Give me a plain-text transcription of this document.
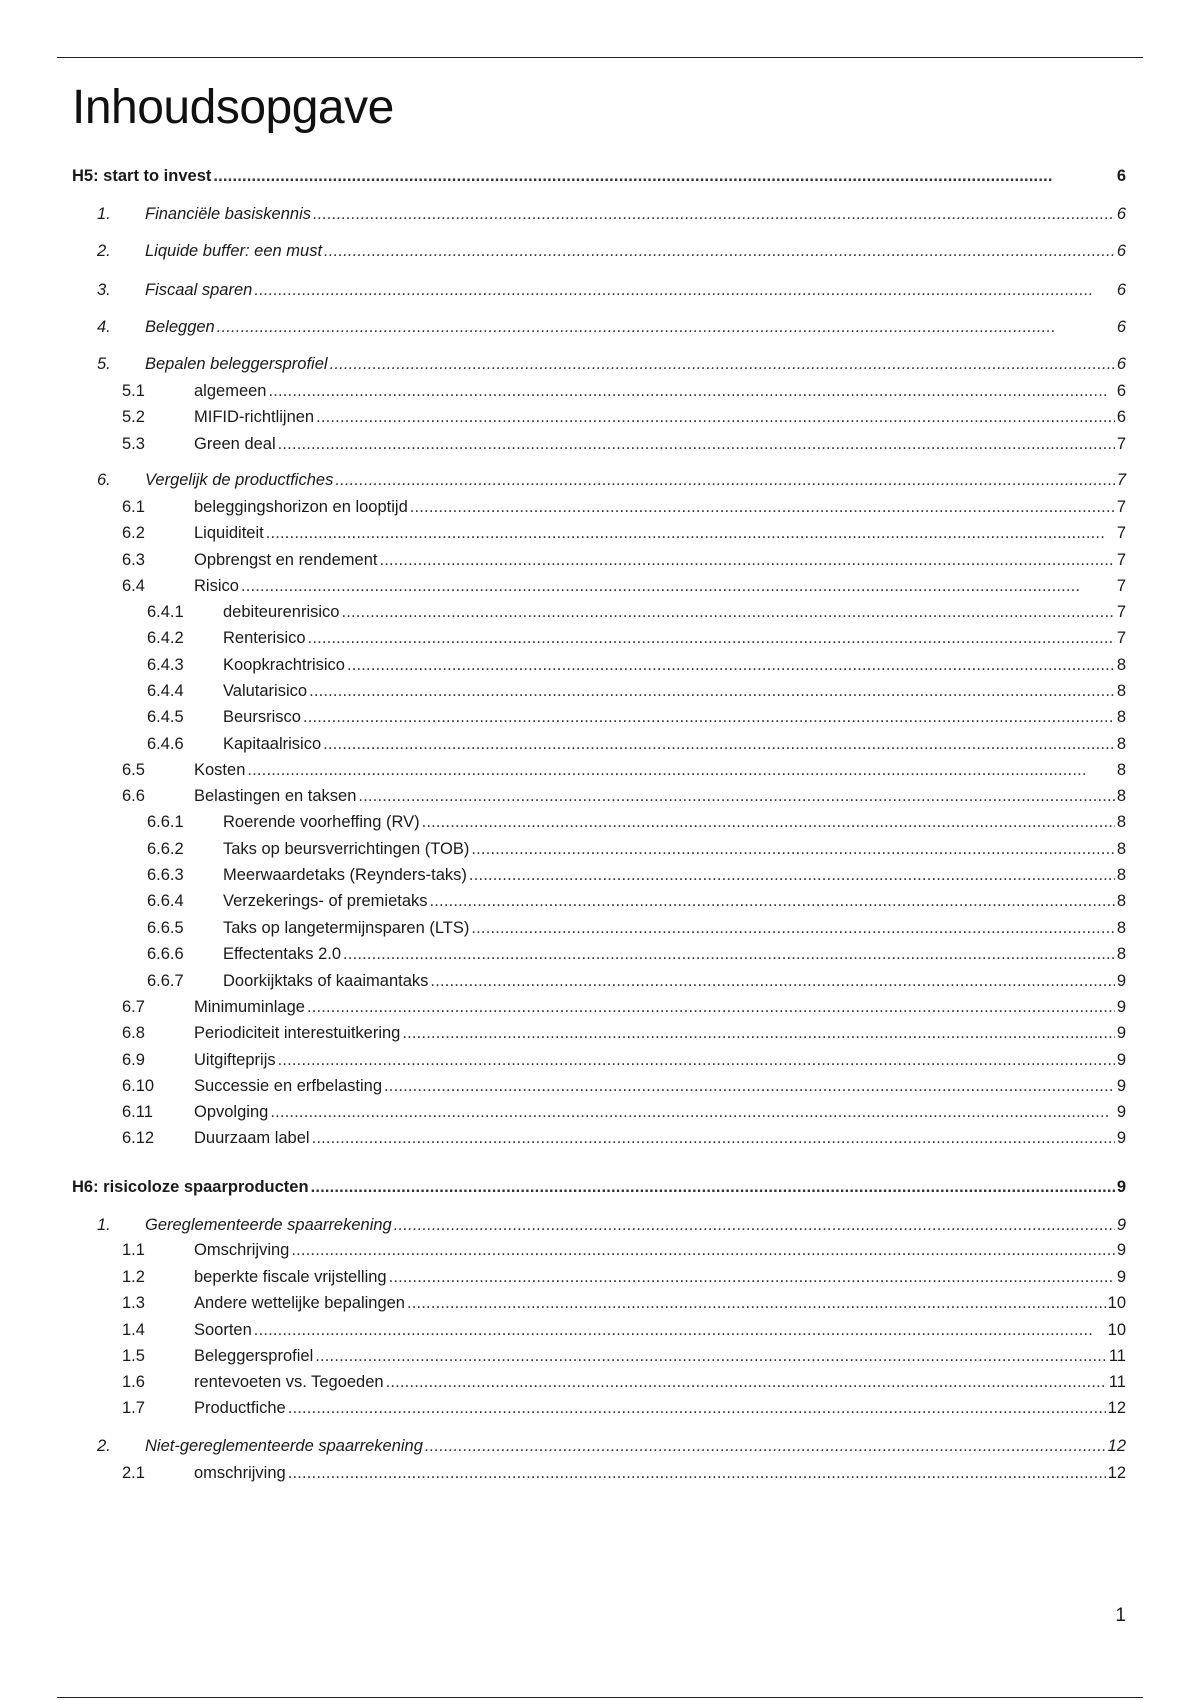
Inhoudsopgave
H5: start to invest . . .	6
1.	Financiële basiskennis . . .	6
2.	Liquide buffer: een must . . .	6
3.	Fiscaal sparen . . .	6
4.	Beleggen . . .	6
5.	Bepalen beleggersprofiel . . .	6
5.1	algemeen . . .	6
5.2	MIFID-richtlijnen . . .	6
5.3	Green deal . . .	7
6.	Vergelijk de productfiches . . .	7
6.1	beleggingshorizon en looptijd . . .	7
6.2	Liquiditeit . . .	7
6.3	Opbrengst en rendement . . .	7
6.4	Risico . . .	7
6.4.1	debiteurenrisico . . .	7
6.4.2	Renterisico . . .	7
6.4.3	Koopkrachtrisico . . .	8
6.4.4	Valutarisico . . .	8
6.4.5	Beursrisco . . .	8
6.4.6	Kapitaalrisico . . .	8
6.5	Kosten . . .	8
6.6	Belastingen en taksen . . .	8
6.6.1	Roerende voorheffing (RV) . . .	8
6.6.2	Taks op beursverrichtingen (TOB) . . .	8
6.6.3	Meerwaardetaks (Reynders-taks) . . .	8
6.6.4	Verzekerings- of premietaks . . .	8
6.6.5	Taks op langetermijnsparen (LTS) . . .	8
6.6.6	Effectentaks 2.0 . . .	8
6.6.7	Doorkijktaks of kaaimantaks . . .	9
6.7	Minimuminlage . . .	9
6.8	Periodiciteit interestuitkering . . .	9
6.9	Uitgifteprijs . . .	9
6.10	Successie en erfbelasting . . .	9
6.11	Opvolging . . .	9
6.12	Duurzaam label . . .	9
H6: risicoloze spaarproducten . . .	9
1.	Gereglementeerde spaarrekening . . .	9
1.1	Omschrijving . . .	9
1.2	beperkte fiscale vrijstelling . . .	9
1.3	Andere wettelijke bepalingen . . .	10
1.4	Soorten . . .	10
1.5	Beleggersprofiel . . .	11
1.6	rentevoeten vs. Tegoeden . . .	11
1.7	Productfiche . . .	12
2.	Niet-gereglementeerde spaarrekening . . .	12
2.1	omschrijving . . .	12
1
